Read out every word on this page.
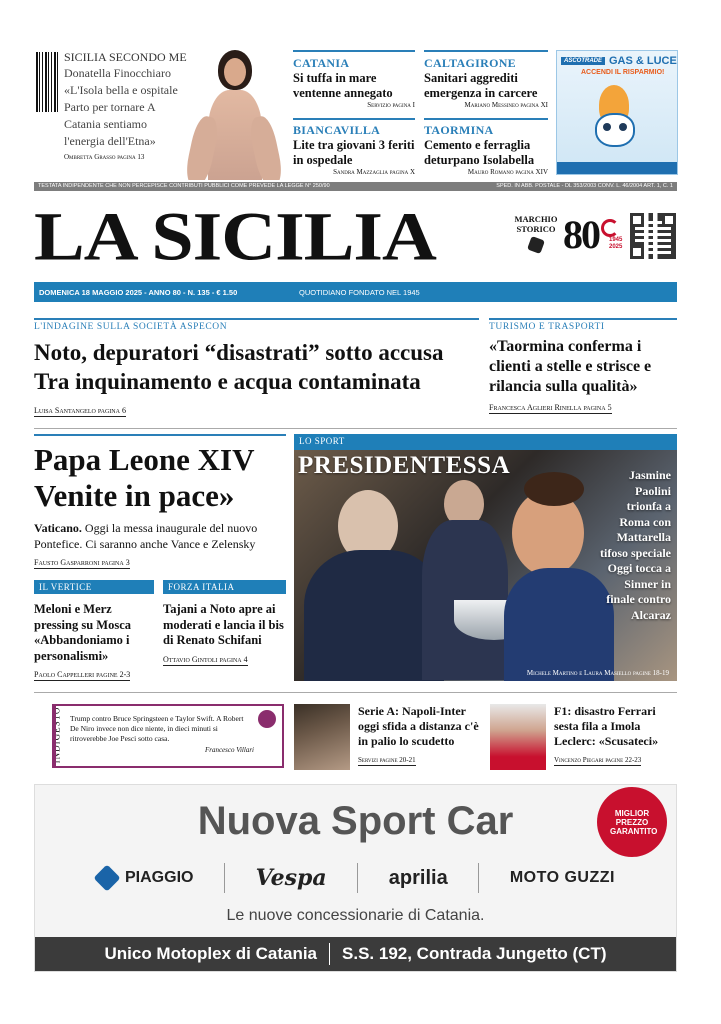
SICILIA SECONDO ME
Donatella Finocchiaro «L'Isola bella e ospitale Parto per tornare A Catania sentiamo l'energia dell'Etna»
Ombretta Grasso pagina 13
CATANIA
Si tuffa in mare ventenne annegato
Servizio pagina I
CALTAGIRONE
Sanitari aggrediti emergenza in carcere
Mariano Messineo pagina XI
BIANCAVILLA
Lite tra giovani 3 feriti in ospedale
Sandra Mazzaglia pagina X
TAORMINA
Cemento e ferraglia deturpano Isolabella
Mauro Romano pagina XIV
ASCOTRADE GAS & LUCE
ACCENDI IL RISPARMIO!
TESTATA INDIPENDENTE CHE NON PERCEPISCE CONTRIBUTI PUBBLICI COME PREVEDE LA LEGGE N° 250/90	SPED. IN ABB. POSTALE - DL 353/2003 CONV. L. 46/2004 ART. 1, C. 1
LA SICILIA	MARCHIO STORICO 80	1945 2025
DOMENICA 18 MAGGIO 2025 - ANNO 80 - N. 135 - € 1.50	QUOTIDIANO FONDATO NEL 1945
L'INDAGINE SULLA SOCIETÀ ASPECON
Noto, depuratori “disastrati” sotto accusa
Tra inquinamento e acqua contaminata
Luisa Santangelo pagina 6
TURISMO E TRASPORTI
«Taormina conferma i clienti a stelle e strisce e rilancia sulla qualità»
Francesca Aglieri Rinella pagina 5
Papa Leone XIV
Venite in pace»
Vaticano. Oggi la messa inaugurale del nuovo Pontefice. Ci saranno anche Vance e Zelensky
Fausto Gasparroni pagina 3
IL VERTICE
Meloni e Merz pressing su Mosca «Abbandoniamo i personalismi»
Paolo Cappelleri pagine 2-3
FORZA ITALIA
Tajani a Noto apre ai moderati e lancia il bis di Renato Schifani
Ottavio Gintoli pagina 4
LO SPORT
PRESIDENTESSA	Jasmine Paolini trionfa a Roma con Mattarella tifoso speciale Oggi tocca a Sinner in finale contro Alcaraz
Michele Martino e Laura Masiello pagine 18-19
INDIGESTO Trump contro Bruce Springsteen e Taylor Swift. A Robert De Niro invece non dice niente, in dieci minuti si ritroverebbe Joe Pesci sotto casa.
Francesco Villari
Serie A: Napoli-Inter oggi sfida a distanza c'è in palio lo scudetto
Servizi pagine 20-21
F1: disastro Ferrari sesta fila a Imola Leclerc: «Scusateci»
Vincenzo Piegari pagine 22-23
Nuova Sport Car	MIGLIOR PREZZO GARANTITO
PIAGGIO	Vespa	aprilia	MOTO GUZZI
Le nuove concessionarie di Catania.
Unico Motoplex di Catania S.S. 192, Contrada Jungetto (CT)
